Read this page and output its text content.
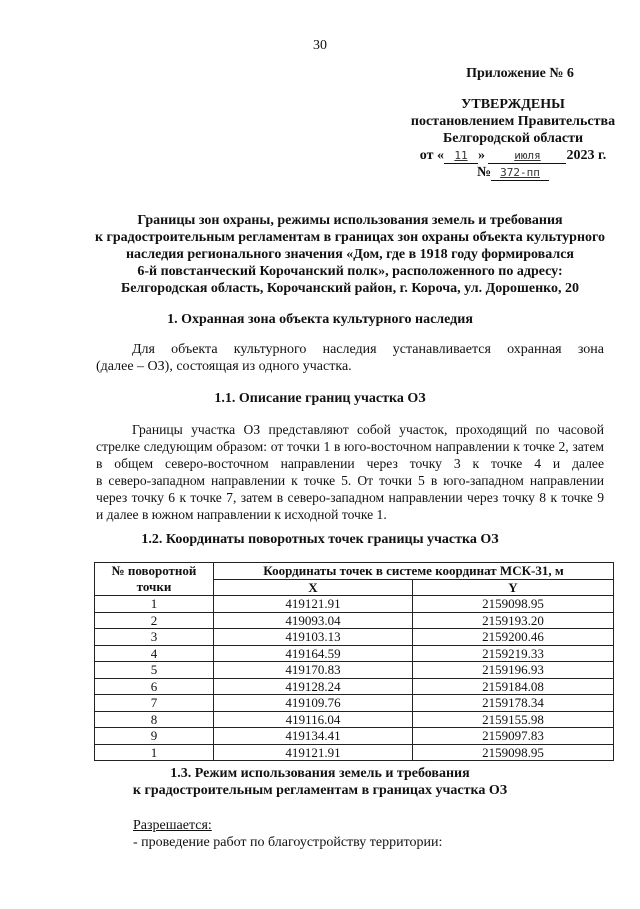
30
Приложение № 6
УТВЕРЖДЕНЫ
постановлением Правительства
Белгородской области
от « 11 »	июля 2023 г.
№ 372-пп
Границы зон охраны, режимы использования земель и требования
к градостроительным регламентам в границах зон охраны объекта культурного
наследия регионального значения «Дом, где в 1918 году формировался
6-й повстанческий Корочанский полк», расположенного по адресу:
Белгородская область, Корочанский район, г. Короча, ул. Дорошенко, 20
1. Охранная зона объекта культурного наследия
Для объекта культурного наследия устанавливается охранная зона
(далее – ОЗ), состоящая из одного участка.
1.1. Описание границ участка ОЗ
Границы участка ОЗ представляют собой участок, проходящий по часовой
стрелке следующим образом: от точки 1 в юго-восточном направлении к точке 2, затем
в общем северо-восточном направлении через точку 3 к точке 4 и далее
в северо-западном направлении к точке 5. От точки 5 в юго-западном направлении
через точку 6 к точке 7, затем в северо-западном направлении через точку 8 к точке 9
и далее в южном направлении к исходной точке 1.
1.2. Координаты поворотных точек границы участка ОЗ
№ поворотной точки	Координаты точек в системе координат МСК-31, м	
	X	Y
1	419121.91	2159098.95
2	419093.04	2159193.20
3	419103.13	2159200.46
4	419164.59	2159219.33
5	419170.83	2159196.93
6	419128.24	2159184.08
7	419109.76	2159178.34
8	419116.04	2159155.98
9	419134.41	2159097.83
1	419121.91	2159098.95
1.3. Режим использования земель и требования
к градостроительным регламентам в границах участка ОЗ
Разрешается:
- проведение работ по благоустройству территории:
